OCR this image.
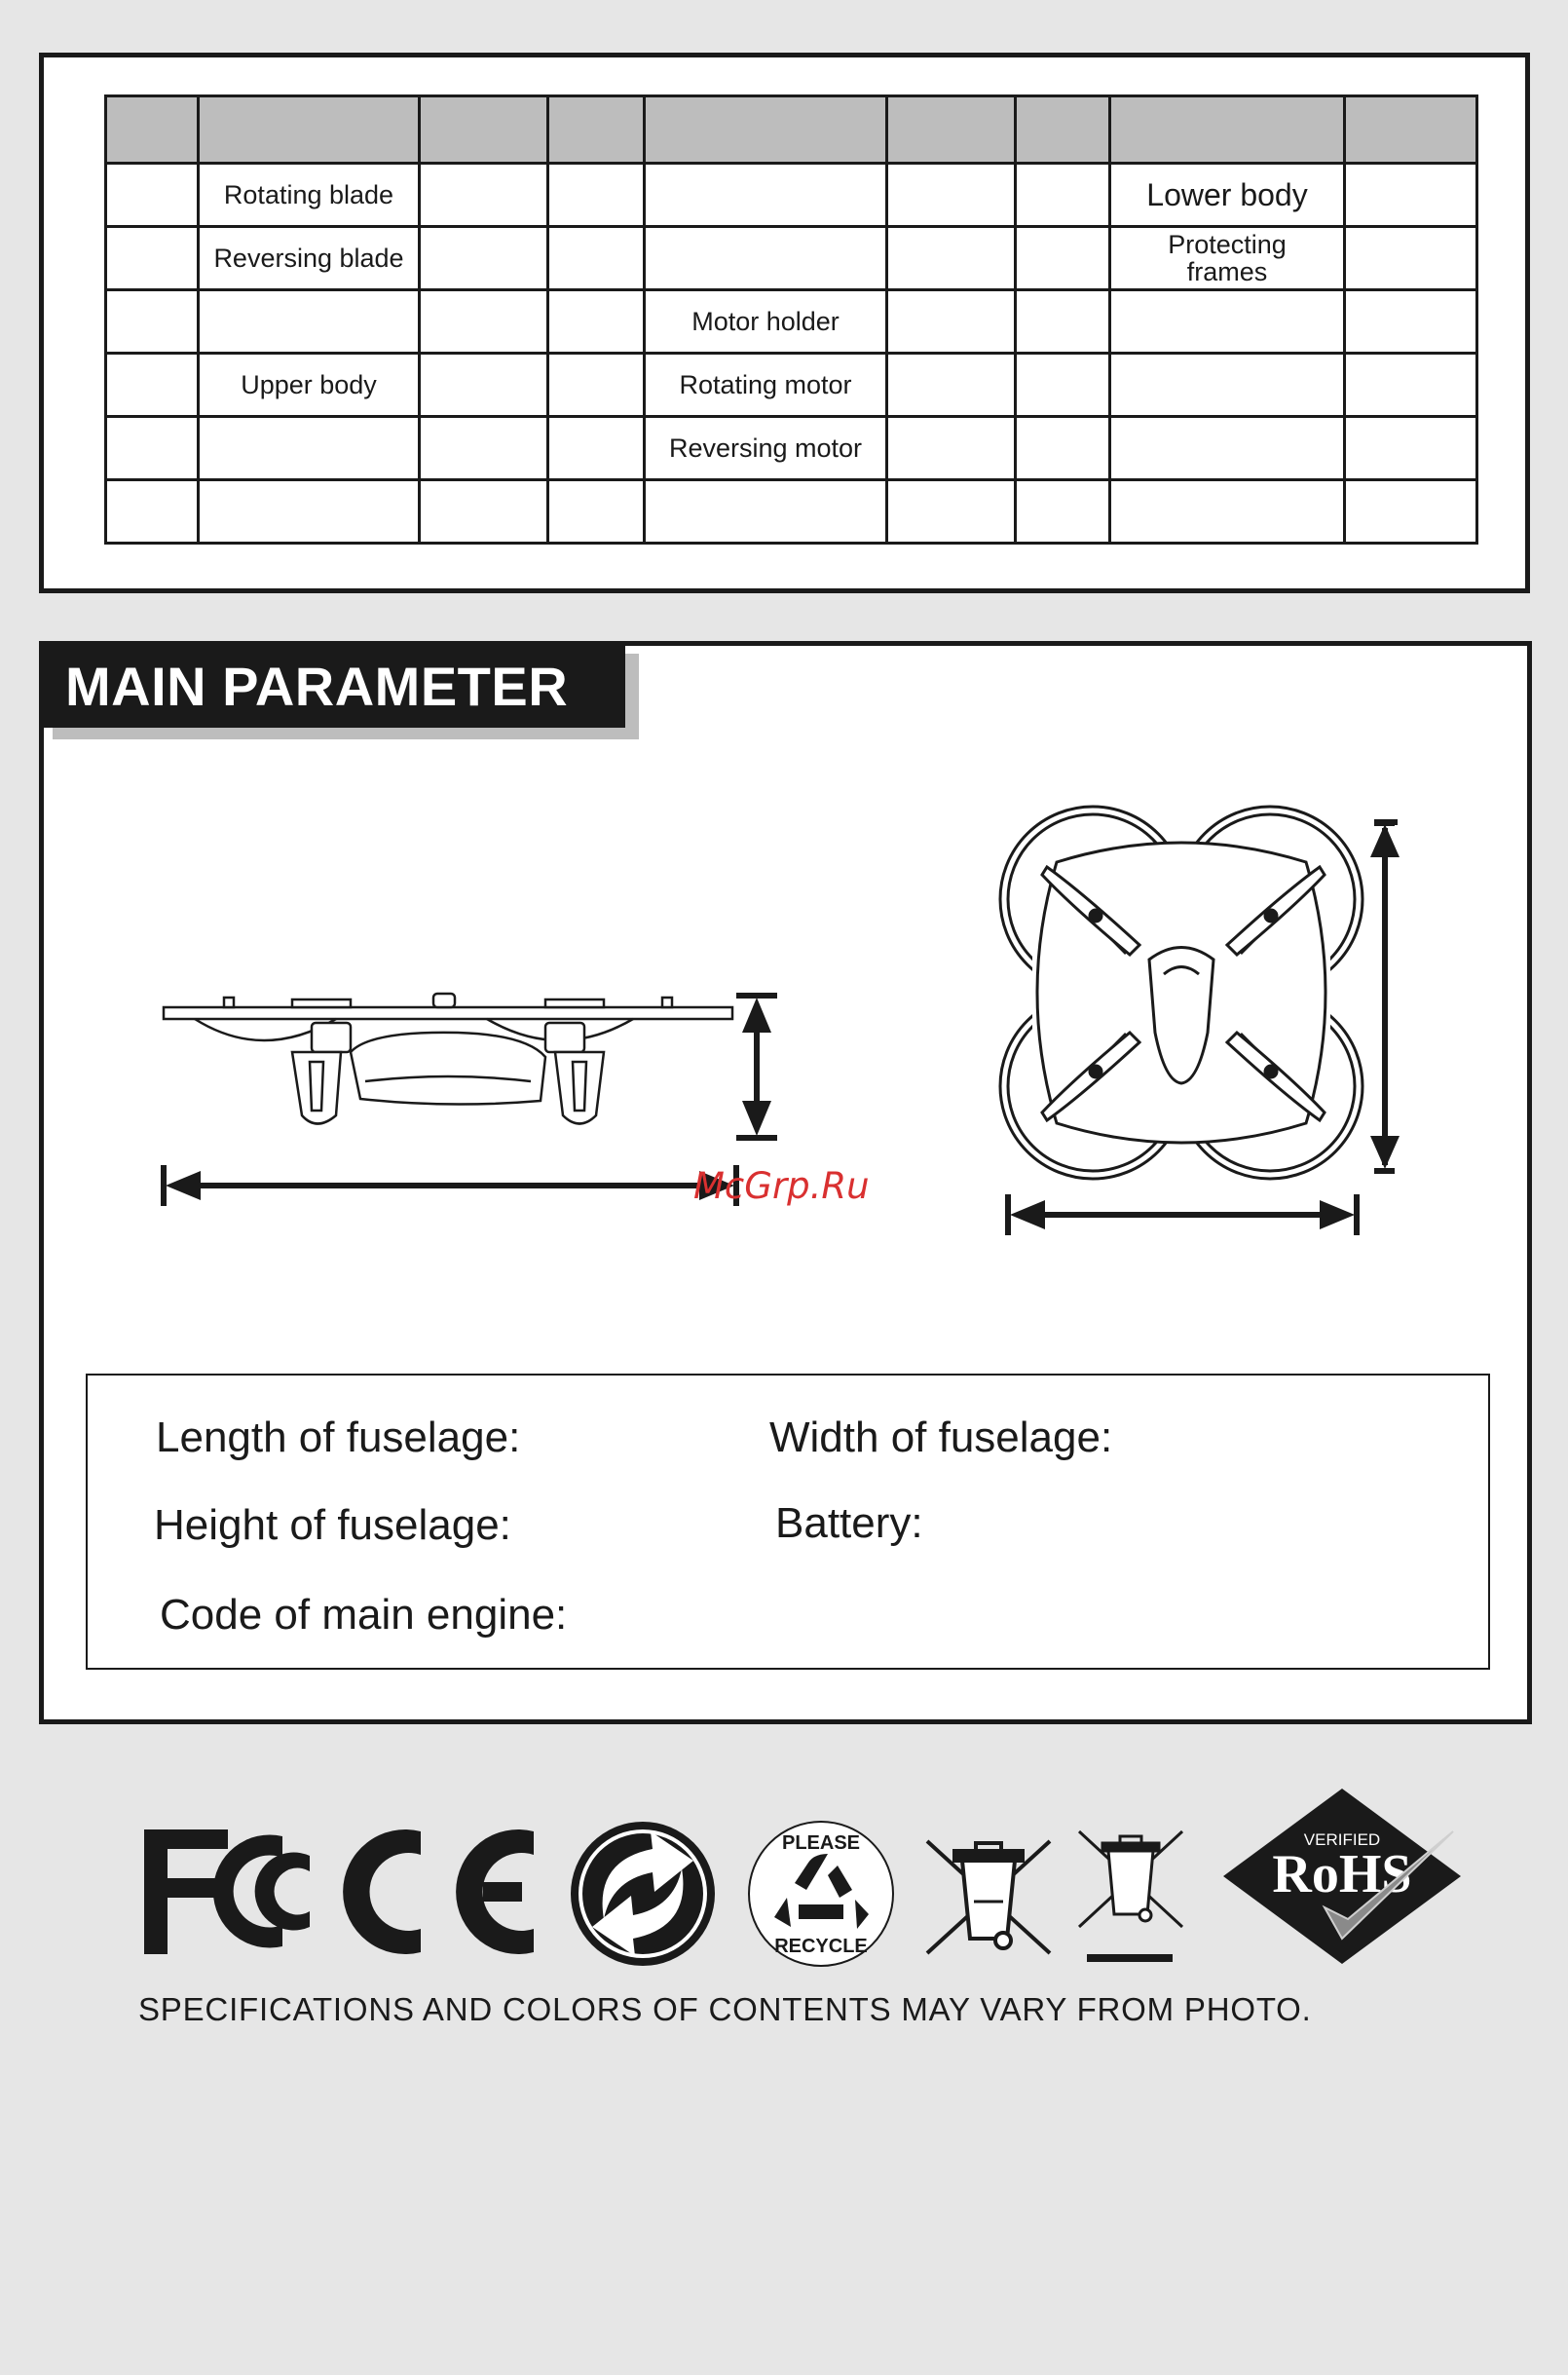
	Rotating blade						Lower body	
	Reversing blade						Protecting frames	
				Motor holder				
	Upper body			Rotating motor				
				Reversing motor				

MAIN PARAMETER
McGrp.Ru
Length of fuselage:	Width of fuselage:
Height of fuselage:	Battery:
Code of main engine:
PLEASE
RECYCLE
VERIFIED
RoHS
SPECIFICATIONS AND COLORS OF CONTENTS MAY VARY FROM PHOTO.
